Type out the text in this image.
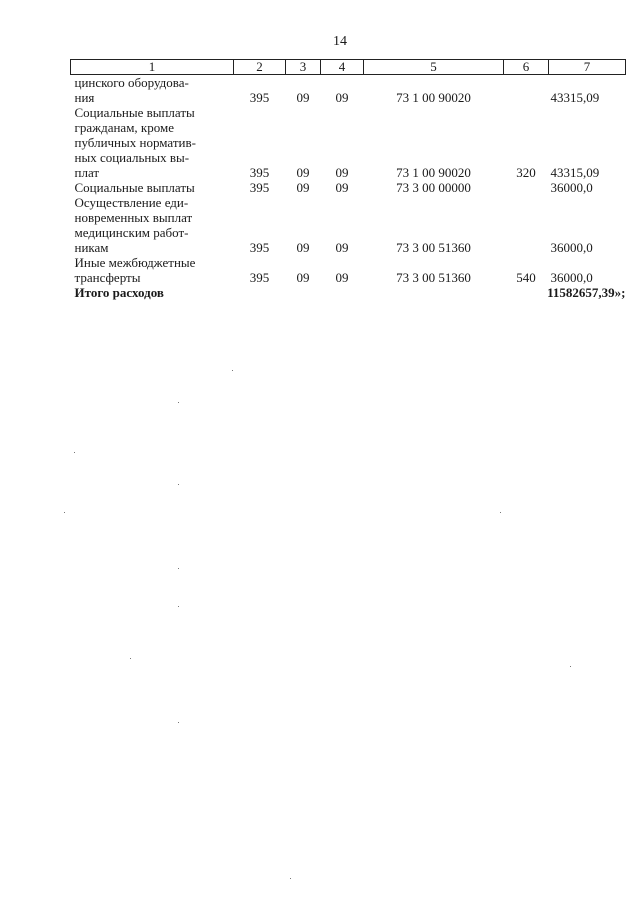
14
1	2	3	4	5	6	7
цинского оборудова-
ния	395	09	09	73 1 00 90020		43315,09
Социальные выплаты
гражданам, кроме
публичных норматив-
ных социальных вы-
плат	395	09	09	73 1 00 90020	320	43315,09
Социальные выплаты	395	09	09	73 3 00 00000		36000,0
Осуществление еди-
новременных выплат
медицинским работ-
никам	395	09	09	73 3 00 51360		36000,0
Иные межбюджетные
трансферты	395	09	09	73 3 00 51360	540	36000,0
Итого расходов					11582657,39»;	
